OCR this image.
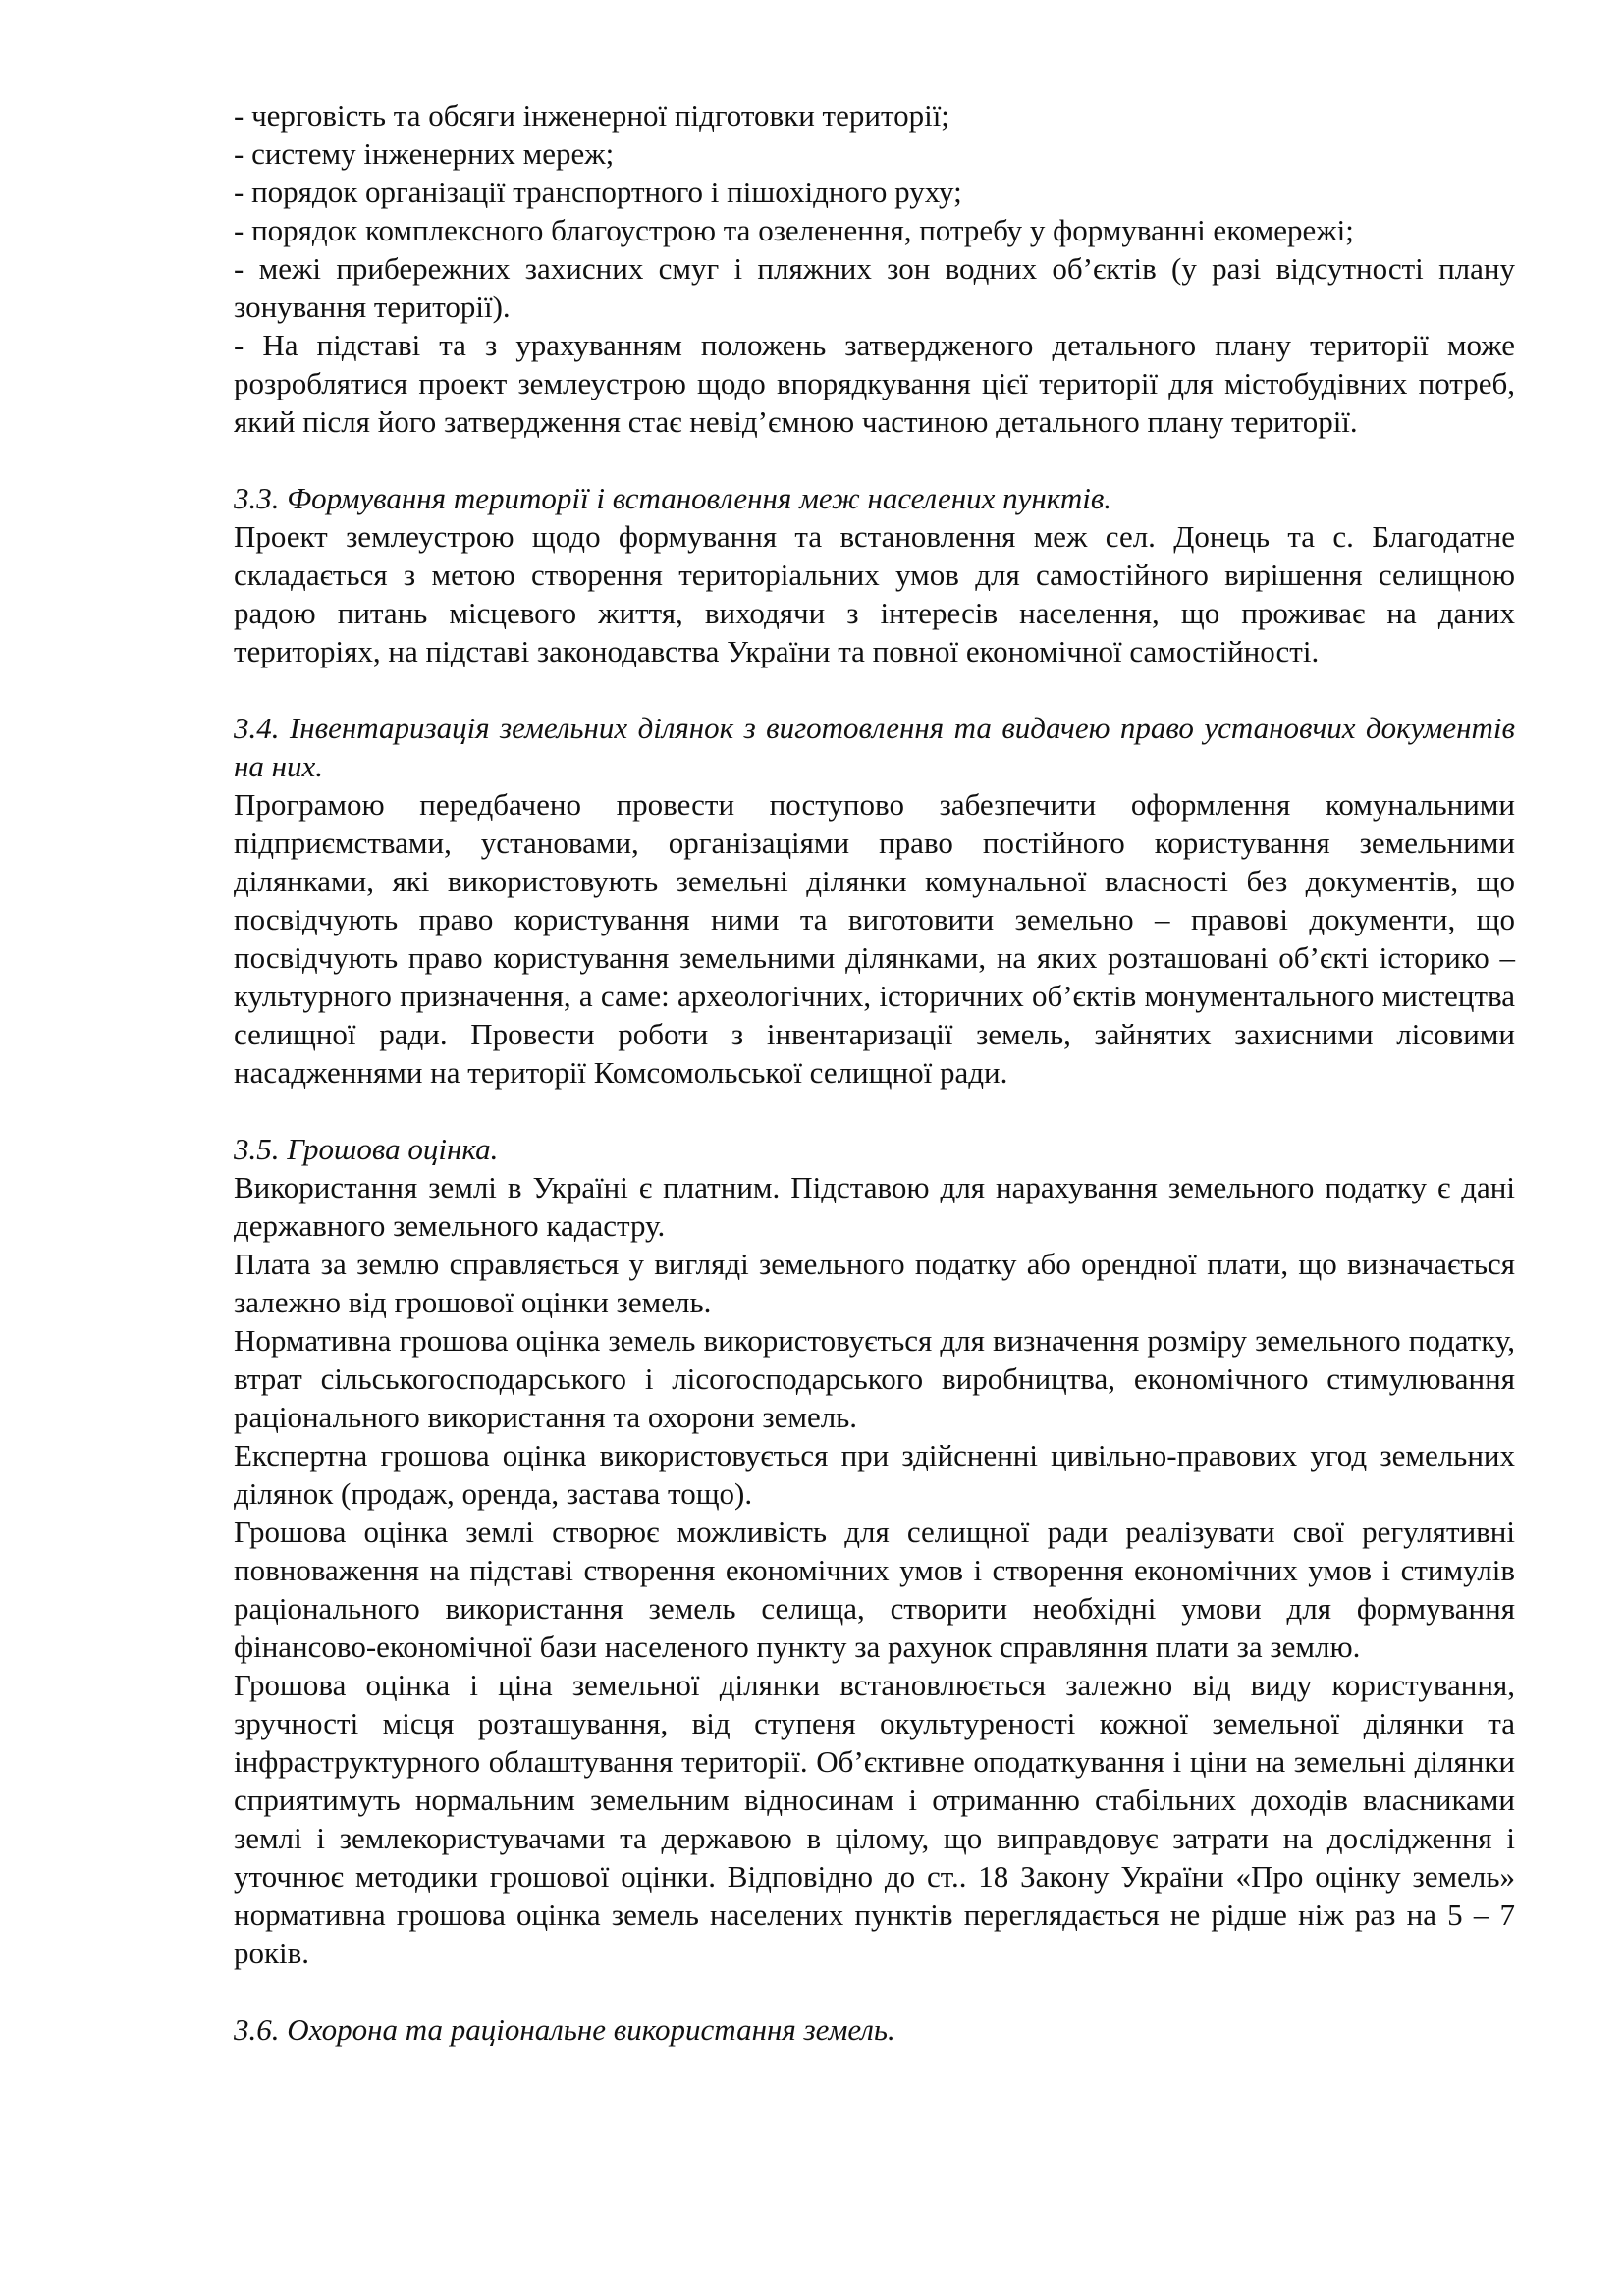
- черговість та обсяги інженерної підготовки території;

- систему інженерних мереж;

- порядок організації транспортного і пішохідного руху;

- порядок комплексного благоустрою та озеленення, потребу у формуванні екомережі;

- межі прибережних захисних смуг і пляжних зон водних об’єктів (у разі відсутності плану зонування території).

- На підставі та з урахуванням положень затвердженого детального плану території може розроблятися проект землеустрою щодо впорядкування цієї території для містобудівних потреб, який після його затвердження стає невід’ємною частиною детального плану території.

3.3. Формування території і встановлення меж населених пунктів.

Проект землеустрою щодо формування та встановлення меж сел. Донець та с. Благодатне складається з метою створення територіальних умов для самостійного вирішення селищною радою питань місцевого життя, виходячи з інтересів населення, що проживає на даних територіях, на підставі законодавства України та повної економічної самостійності.

3.4. Інвентаризація земельних ділянок з виготовлення та видачею право установчих документів на них.

Програмою передбачено провести поступово забезпечити оформлення комунальними підприємствами, установами, організаціями право постійного користування земельними ділянками, які використовують земельні ділянки комунальної власності без документів, що посвідчують право користування ними та виготовити земельно – правові документи, що посвідчують право користування земельними ділянками, на яких розташовані об’єкті історико – культурного призначення, а саме: археологічних, історичних об’єктів монументального мистецтва селищної ради. Провести роботи з інвентаризації земель, зайнятих захисними лісовими насадженнями на території Комсомольської селищної ради.

3.5. Грошова оцінка.

Використання землі в Україні є платним. Підставою для нарахування земельного податку є дані державного земельного кадастру.

Плата за землю справляється у вигляді земельного податку або орендної плати, що визначається залежно від грошової оцінки земель.

Нормативна грошова оцінка земель використовується для визначення розміру земельного податку, втрат сільськогосподарського і лісогосподарського виробництва, економічного стимулювання раціонального використання та охорони земель.

Експертна грошова оцінка використовується при здійсненні цивільно-правових угод земельних ділянок (продаж, оренда, застава тощо).

Грошова оцінка землі створює можливість для селищної ради реалізувати свої регулятивні повноваження на підставі створення економічних умов і створення економічних умов і стимулів раціонального використання земель селища, створити необхідні умови для формування фінансово-економічної бази населеного пункту за рахунок справляння плати за землю.

Грошова оцінка і ціна земельної ділянки встановлюється залежно від виду користування, зручності місця розташування, від ступеня окультуреності кожної земельної ділянки та інфраструктурного облаштування території. Об’єктивне оподаткування і ціни на земельні ділянки сприятимуть нормальним земельним відносинам і отриманню стабільних доходів власниками землі і землекористувачами та державою в цілому, що виправдовує затрати на дослідження і уточнює методики грошової оцінки. Відповідно до ст.. 18 Закону України «Про оцінку земель» нормативна грошова оцінка земель населених пунктів переглядається не рідше ніж раз на 5 – 7 років.

3.6. Охорона та раціональне використання земель.
